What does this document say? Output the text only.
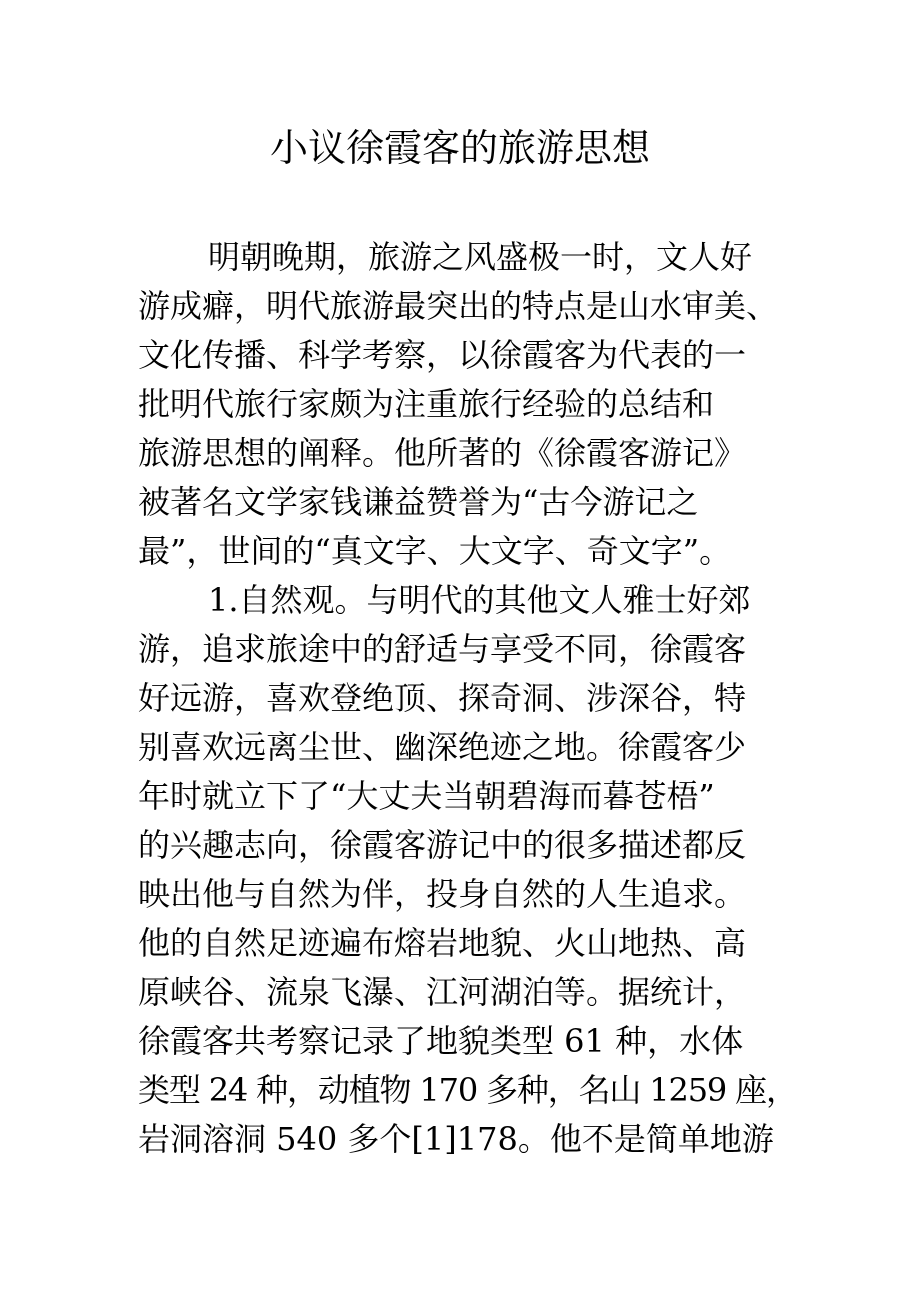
小议徐霞客的旅游思想
明朝晚期，旅游之风盛极一时，文人好
游成癖，明代旅游最突出的特点是山水审美、
文化传播、科学考察，以徐霞客为代表的一
批明代旅行家颇为注重旅行经验的总结和
旅游思想的阐释。他所著的《徐霞客游记》
被著名文学家钱谦益赞誉为“古今游记之
最”，世间的“真文字、大文字、奇文字”。
1.自然观。与明代的其他文人雅士好郊
游，追求旅途中的舒适与享受不同，徐霞客
好远游，喜欢登绝顶、探奇洞、涉深谷，特
别喜欢远离尘世、幽深绝迹之地。徐霞客少
年时就立下了“大丈夫当朝碧海而暮苍梧”
的兴趣志向，徐霞客游记中的很多描述都反
映出他与自然为伴，投身自然的人生追求。
他的自然足迹遍布熔岩地貌、火山地热、高
原峡谷、流泉飞瀑、江河湖泊等。据统计，
徐霞客共考察记录了地貌类型 61 种，水体
类型 24 种，动植物 170 多种，名山 1259 座，
岩洞溶洞 540 多个[1]178。他不是简单地游
